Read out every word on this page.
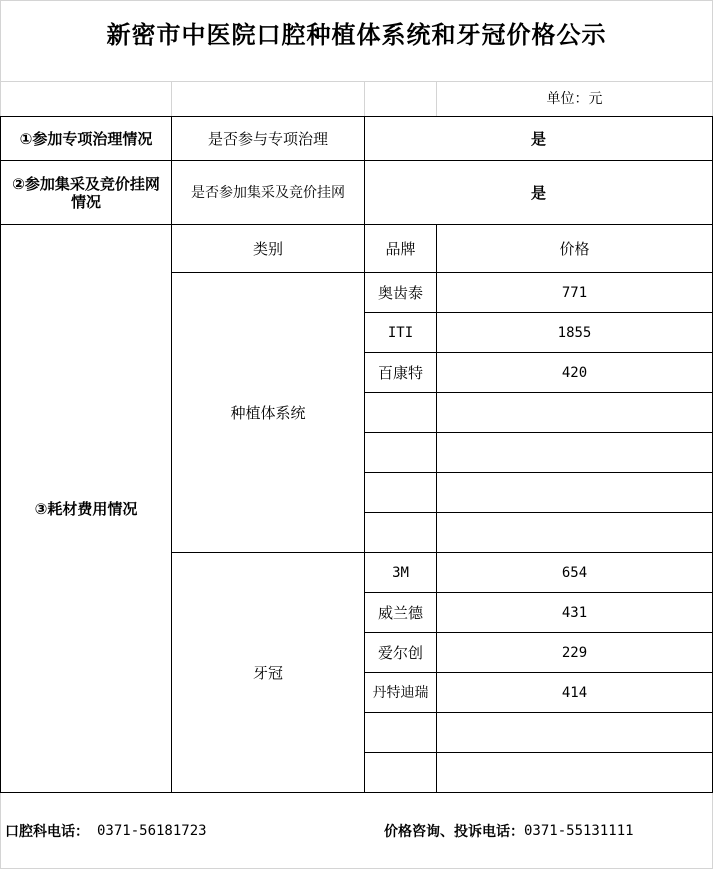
新密市中医院口腔种植体系统和牙冠价格公示
单位：元
①参加专项治理情况	是否参与专项治理	是
②参加集采及竞价挂网情况	是否参加集采及竞价挂网	是
③耗材费用情况
类别	品牌	价格
种植体系统
奥齿泰	771
ITI	1855
百康特	420
牙冠
3M	654
威兰德	431
爱尔创	229
丹特迪瑞	414
口腔科电话： 0371-56181723	价格咨询、投诉电话： 0371-55131111
